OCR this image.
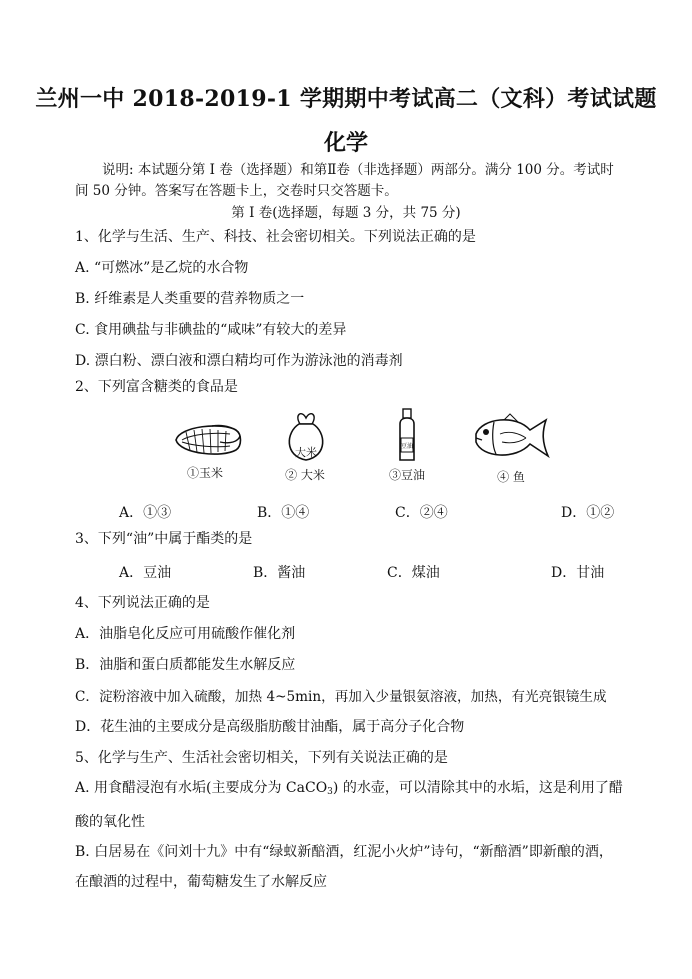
兰州一中 2018-2019-1 学期期中考试高二（文科）考试试题
化学
说明: 本试题分第 I 卷（选择题）和第Ⅱ卷（非选择题）两部分。满分 100 分。考试时间 50 分钟。答案写在答题卡上，交卷时只交答题卡。
第 I 卷(选择题，每题 3 分，共 75 分)
1、化学与生活、生产、科技、社会密切相关。下列说法正确的是
A. “可燃冰”是乙烷的水合物
B. 纤维素是人类重要的营养物质之一
C. 食用碘盐与非碘盐的“咸味”有较大的差异
D. 漂白粉、漂白液和漂白精均可作为游泳池的消毒剂
2、下列富含糖类的食品是
①玉米
大米
② 大米
豆油
③豆油	④ 鱼
A．①③	B．①④	C．②④	D．①②
3、下列“油”中属于酯类的是
A．豆油	B．酱油	C．煤油	D．甘油
4、下列说法正确的是
A．油脂皂化反应可用硫酸作催化剂
B．油脂和蛋白质都能发生水解反应
C．淀粉溶液中加入硫酸，加热 4~5min，再加入少量银氨溶液，加热，有光亮银镜生成
D．花生油的主要成分是高级脂肪酸甘油酯，属于高分子化合物
5、化学与生产、生活社会密切相关，下列有关说法正确的是
A. 用食醋浸泡有水垢(主要成分为 CaCO$_3$) 的水壶，可以清除其中的水垢，这是利用了醋酸的氧化性
B. 白居易在《问刘十九》中有“绿蚁新醅酒，红泥小火炉”诗句，“新醅酒”即新酿的酒，在酿酒的过程中，葡萄糖发生了水解反应
